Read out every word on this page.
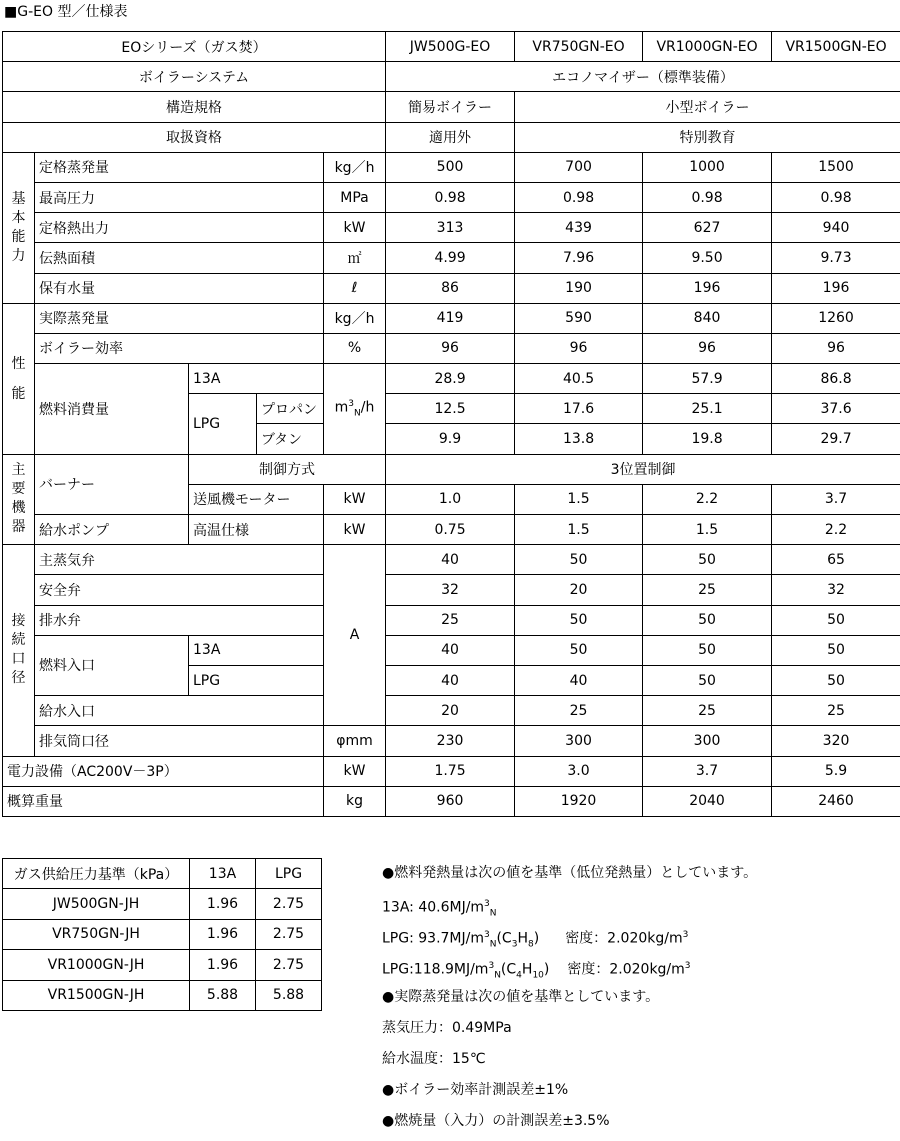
■G-EO 型／仕様表
EOシリーズ（ガス焚）					JW500G-EO	VR750GN-EO	VR1000GN-EO	VR1500GN-EO
ボイラーシステム					エコノマイザー（標準装備）			
構造規格					簡易ボイラー	小型ボイラー		
取扱資格					適用外	特別教育		
基
本
能
力	定格蒸発量			kg／h	500	700	1000	1500
	最高圧力			MPa	0.98	0.98	0.98	0.98
	定格熱出力			kW	313	439	627	940
	伝熱面積			㎡	4.99	7.96	9.50	9.73
	保有水量			ℓ	86	190	196	196
性
能	実際蒸発量			kg／h	419	590	840	1260
	ボイラー効率			%	96	96	96	96
	燃料消費量	13A		$m^3_N/h$	28.9	40.5	57.9	86.8
		LPG	プロパン		12.5	17.6	25.1	37.6
			ブタン		9.9	13.8	19.8	29.7
主
要
機
器	バーナー	制御方式			3位置制御			
		送風機モーター		kW	1.0	1.5	2.2	3.7
	給水ポンプ	高温仕様		kW	0.75	1.5	1.5	2.2
接
続
口
径	主蒸気弁			A	40	50	50	65
	安全弁				32	20	25	32
	排水弁				25	50	50	50
	燃料入口	13A			40	50	50	50
		LPG			40	40	50	50
	給水入口				20	25	25	25
	排気筒口径			φmm	230	300	300	320
電力設備（AC200V－3P）				kW	1.75	3.0	3.7	5.9
概算重量				kg	960	1920	2040	2460
ガス供給圧力基準（kPa）	13A	LPG
JW500GN-JH	1.96	2.75
VR750GN-JH	1.96	2.75
VR1000GN-JH	1.96	2.75
VR1500GN-JH	5.88	5.88
●燃料発熱量は次の値を基準（低位発熱量）としています。
13A: $40.6MJ/m^3_N$
LPG: $93.7MJ/m^3_N(C_3H_8)$ 密度：$2.020kg/m^3$
$LPG:118.9MJ/m^3_N(C_4H_{10})$ 密度：$2.020kg/m^3$
●実際蒸発量は次の値を基準としています。
蒸気圧力：0.49MPa
給水温度：15℃
●ボイラー効率計測誤差±1%
●燃焼量（入力）の計測誤差±3.5%
